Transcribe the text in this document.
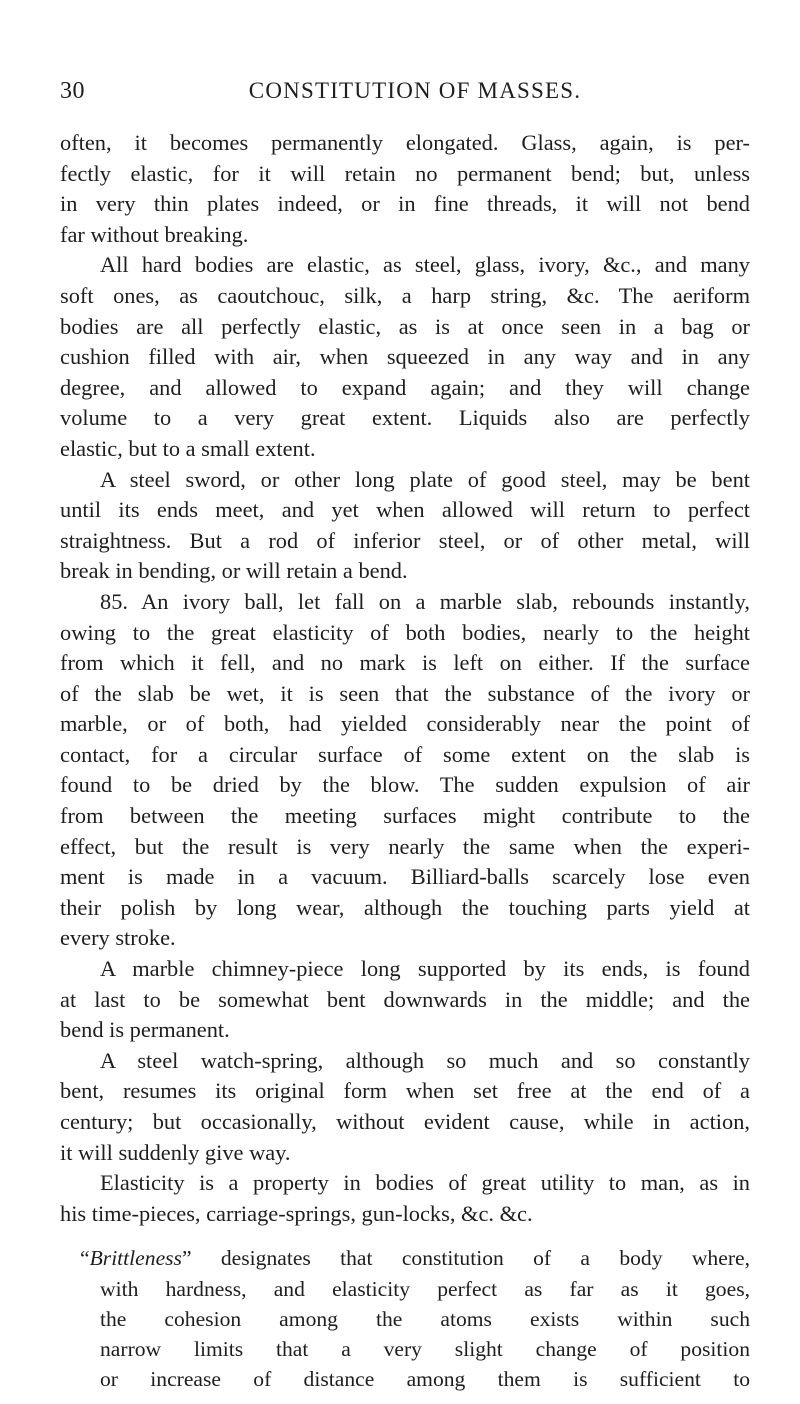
30	CONSTITUTION OF MASSES.
often, it becomes permanently elongated. Glass, again, is per-
fectly elastic, for it will retain no permanent bend; but, unless
in very thin plates indeed, or in fine threads, it will not bend
far without breaking.
All hard bodies are elastic, as steel, glass, ivory, &c., and many
soft ones, as caoutchouc, silk, a harp string, &c. The aeriform
bodies are all perfectly elastic, as is at once seen in a bag or
cushion filled with air, when squeezed in any way and in any
degree, and allowed to expand again; and they will change
volume to a very great extent. Liquids also are perfectly
elastic, but to a small extent.
A steel sword, or other long plate of good steel, may be bent
until its ends meet, and yet when allowed will return to perfect
straightness. But a rod of inferior steel, or of other metal, will
break in bending, or will retain a bend.
85. An ivory ball, let fall on a marble slab, rebounds instantly,
owing to the great elasticity of both bodies, nearly to the height
from which it fell, and no mark is left on either. If the surface
of the slab be wet, it is seen that the substance of the ivory or
marble, or of both, had yielded considerably near the point of
contact, for a circular surface of some extent on the slab is
found to be dried by the blow. The sudden expulsion of air
from between the meeting surfaces might contribute to the
effect, but the result is very nearly the same when the experi-
ment is made in a vacuum. Billiard-balls scarcely lose even
their polish by long wear, although the touching parts yield at
every stroke.
A marble chimney-piece long supported by its ends, is found
at last to be somewhat bent downwards in the middle; and the
bend is permanent.
A steel watch-spring, although so much and so constantly
bent, resumes its original form when set free at the end of a
century; but occasionally, without evident cause, while in action,
it will suddenly give way.
Elasticity is a property in bodies of great utility to man, as in
his time-pieces, carriage-springs, gun-locks, &c. &c.
“Brittleness” designates that constitution of a body where,
with hardness, and elasticity perfect as far as it goes,
the cohesion among the atoms exists within such
narrow limits that a very slight change of position
or increase of distance among them is sufficient to
